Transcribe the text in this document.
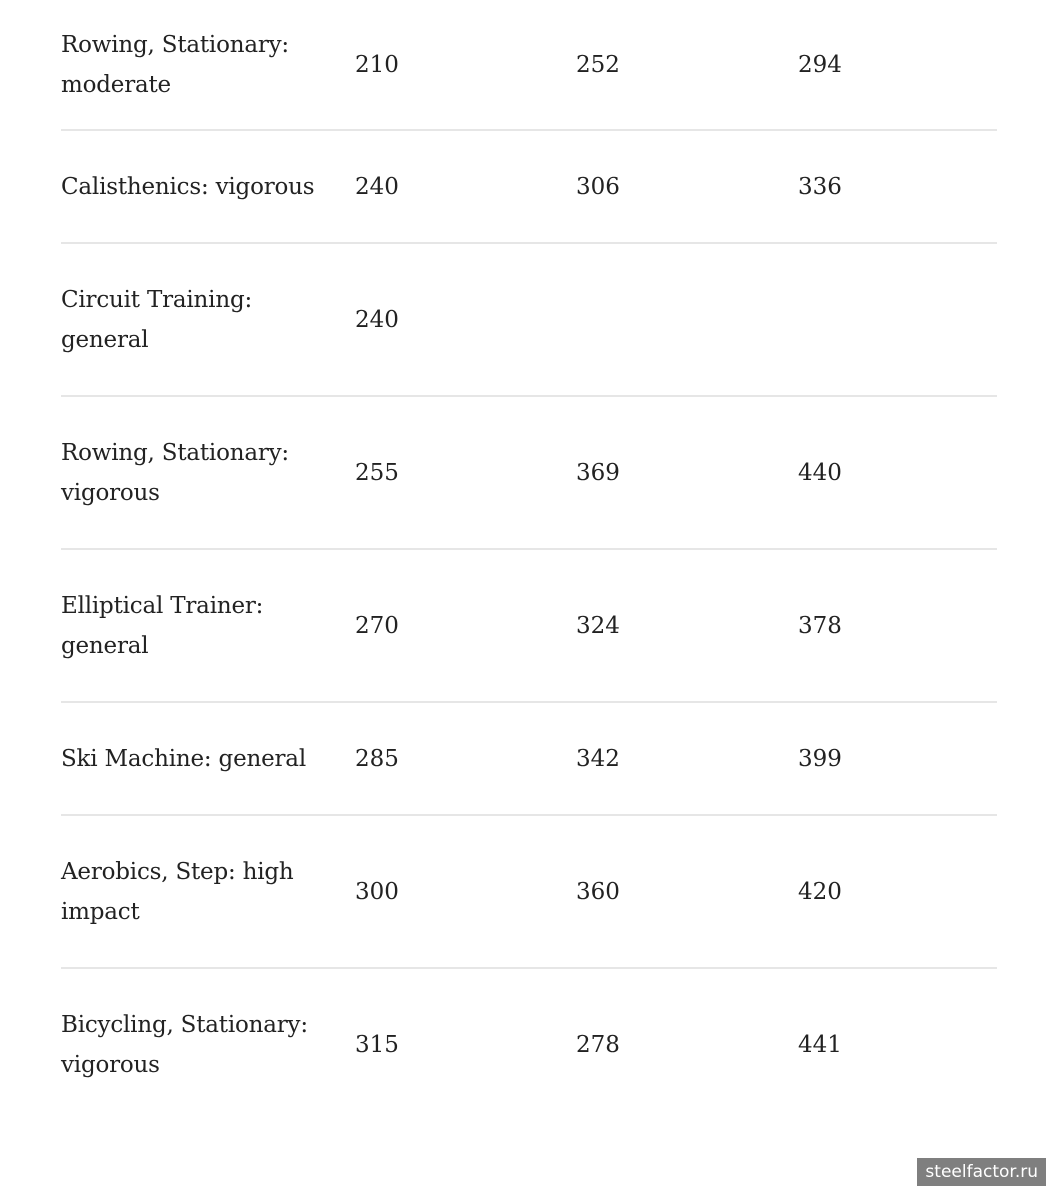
Rowing, Stationary: moderate	210	252	294
Calisthenics: vigorous	240	306	336
Circuit Training: general	240		
Rowing, Stationary: vigorous	255	369	440
Elliptical Trainer: general	270	324	378
Ski Machine: general	285	342	399
Aerobics, Step: high impact	300	360	420
Bicycling, Stationary: vigorous	315	278	441
steelfactor.ru
